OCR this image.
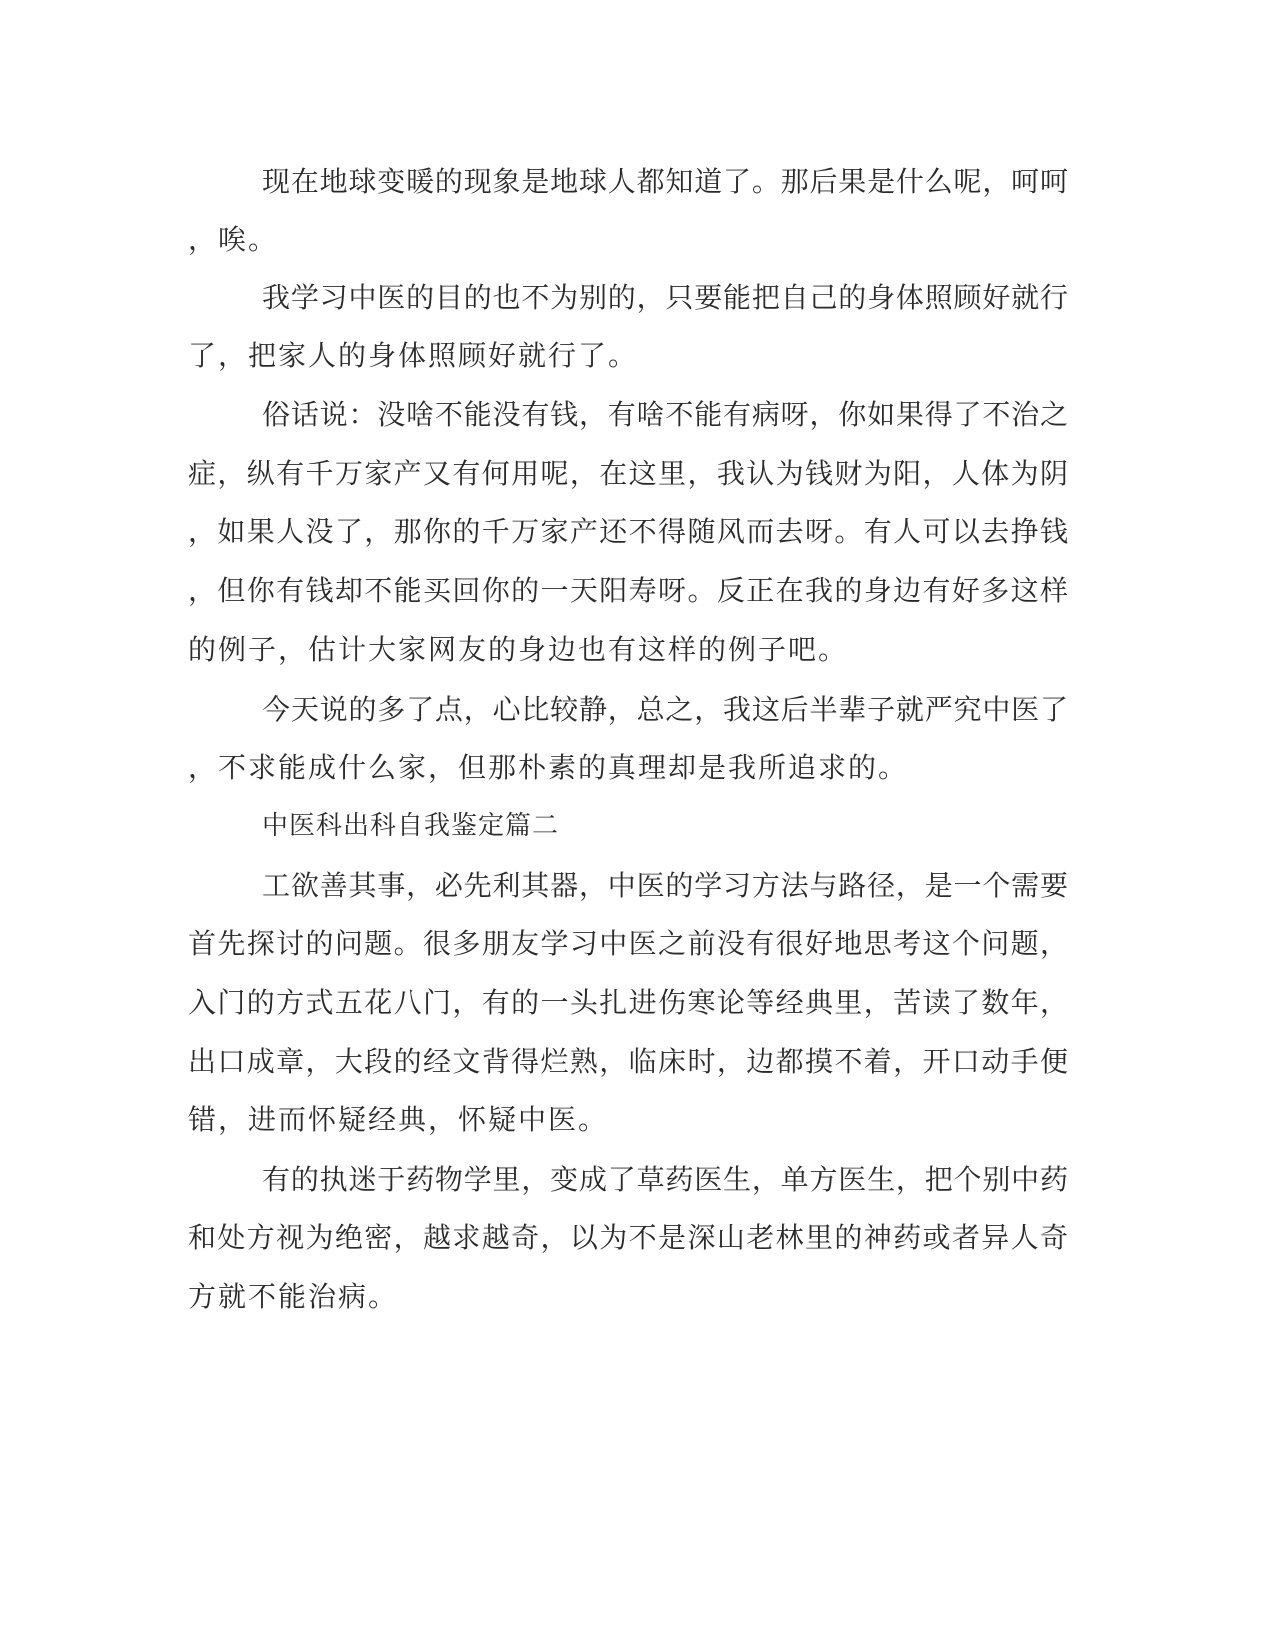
现在地球变暖的现象是地球人都知道了。那后果是什么呢，呵呵
，唉。
我学习中医的目的也不为别的，只要能把自己的身体照顾好就行
了，把家人的身体照顾好就行了。
俗话说：没啥不能没有钱，有啥不能有病呀，你如果得了不治之
症，纵有千万家产又有何用呢，在这里，我认为钱财为阳，人体为阴
，如果人没了，那你的千万家产还不得随风而去呀。有人可以去挣钱
，但你有钱却不能买回你的一天阳寿呀。反正在我的身边有好多这样
的例子，估计大家网友的身边也有这样的例子吧。
今天说的多了点，心比较静，总之，我这后半辈子就严究中医了
，不求能成什么家，但那朴素的真理却是我所追求的。
中医科出科自我鉴定篇二
工欲善其事，必先利其器，中医的学习方法与路径，是一个需要
首先探讨的问题。很多朋友学习中医之前没有很好地思考这个问题，
入门的方式五花八门，有的一头扎进伤寒论等经典里，苦读了数年，
出口成章，大段的经文背得烂熟，临床时，边都摸不着，开口动手便
错，进而怀疑经典，怀疑中医。
有的执迷于药物学里，变成了草药医生，单方医生，把个别中药
和处方视为绝密，越求越奇，以为不是深山老林里的神药或者异人奇
方就不能治病。
